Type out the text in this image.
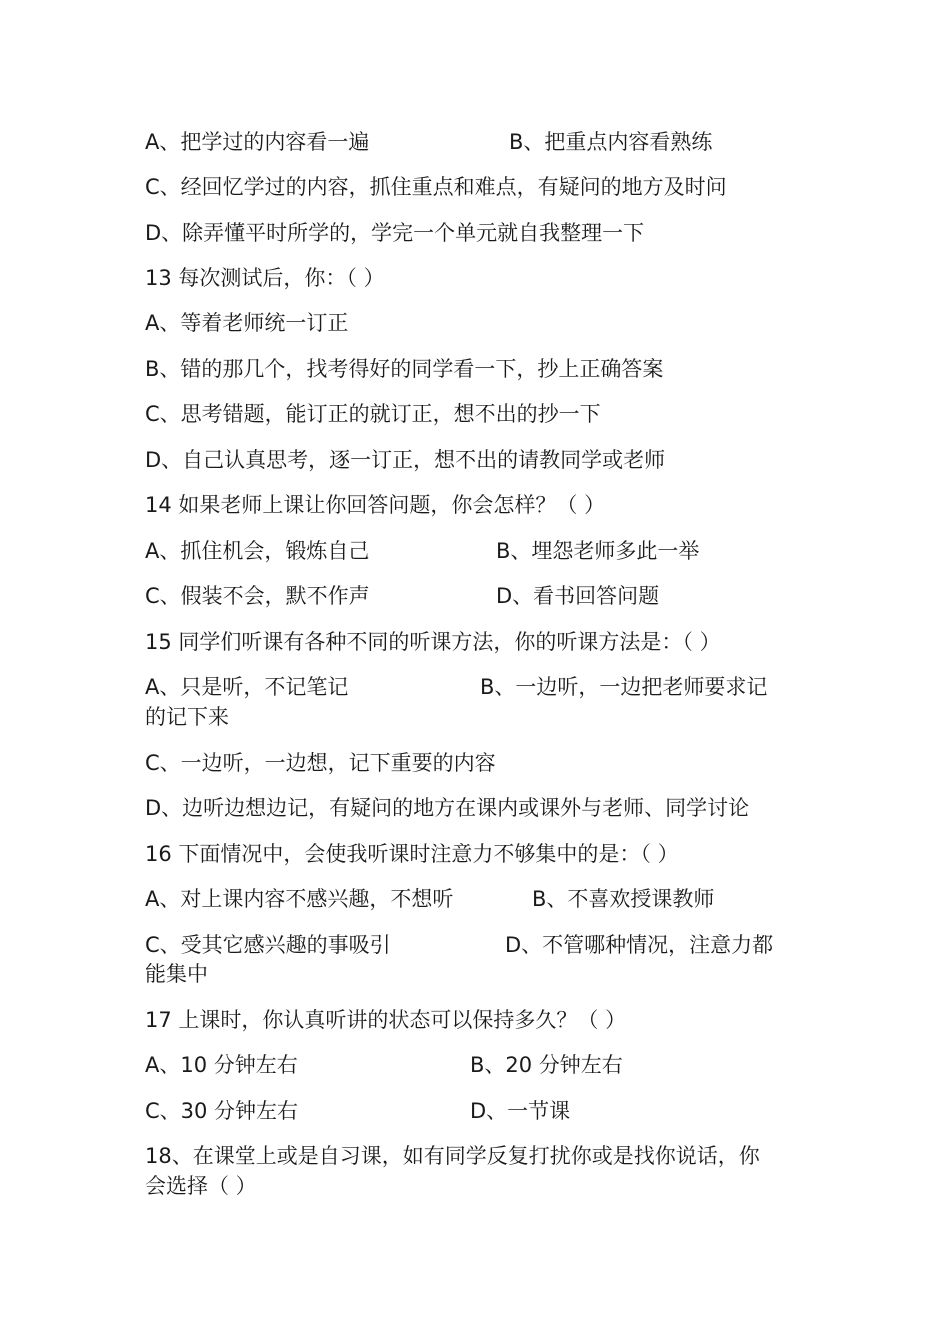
A、把学过的内容看一遍	B、把重点内容看熟练
C、经回忆学过的内容，抓住重点和难点，有疑问的地方及时问
D、除弄懂平时所学的，学完一个单元就自我整理一下
13 每次测试后，你：（ ）
A、等着老师统一订正
B、错的那几个，找考得好的同学看一下，抄上正确答案
C、思考错题，能订正的就订正，想不出的抄一下
D、自己认真思考，逐一订正，想不出的请教同学或老师
14 如果老师上课让你回答问题，你会怎样？（ ）
A、抓住机会，锻炼自己	B、埋怨老师多此一举
C、假装不会，默不作声	D、看书回答问题
15 同学们听课有各种不同的听课方法，你的听课方法是：（ ）
A、只是听，不记笔记	B、一边听，一边把老师要求记
的记下来
C、一边听，一边想，记下重要的内容
D、边听边想边记，有疑问的地方在课内或课外与老师、同学讨论
16 下面情况中，会使我听课时注意力不够集中的是：（ ）
A、对上课内容不感兴趣，不想听	B、不喜欢授课教师
C、受其它感兴趣的事吸引	D、不管哪种情况，注意力都
能集中
17 上课时，你认真听讲的状态可以保持多久？（ ）
A、10 分钟左右	B、20 分钟左右
C、30 分钟左右	D、一节课
18、在课堂上或是自习课，如有同学反复打扰你或是找你说话，你
会选择（ ）
